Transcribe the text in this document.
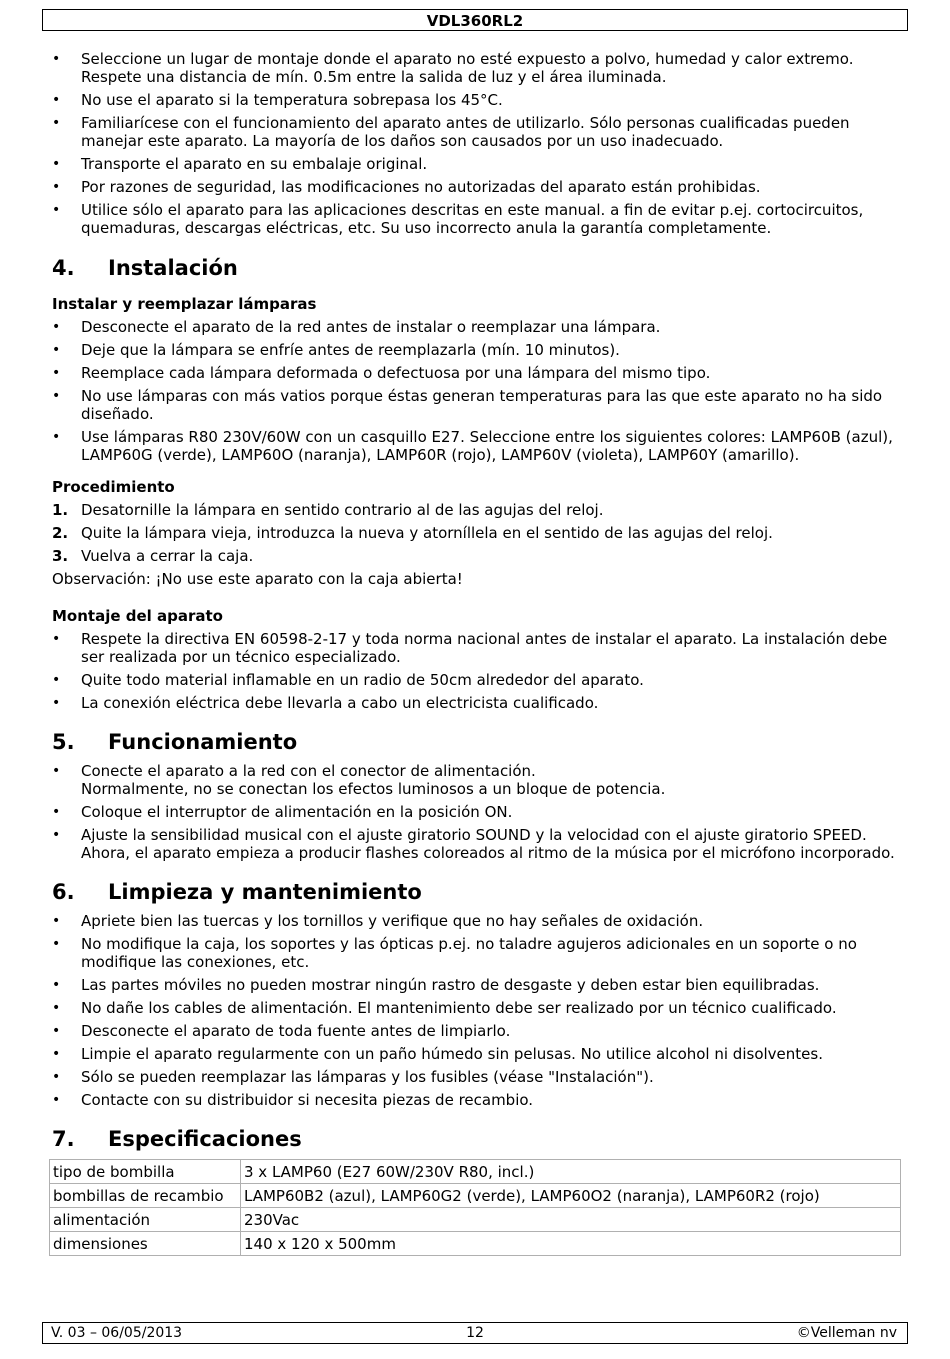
VDL360RL2
• Seleccione un lugar de montaje donde el aparato no esté expuesto a polvo, humedad y calor extremo. Respete una distancia de mín. 0.5m entre la salida de luz y el área iluminada.
• No use el aparato si la temperatura sobrepasa los 45°C.
• Familiarícese con el funcionamiento del aparato antes de utilizarlo. Sólo personas cualificadas pueden manejar este aparato. La mayoría de los daños son causados por un uso inadecuado.
• Transporte el aparato en su embalaje original.
• Por razones de seguridad, las modificaciones no autorizadas del aparato están prohibidas.
• Utilice sólo el aparato para las aplicaciones descritas en este manual. a fin de evitar p.ej. cortocircuitos, quemaduras, descargas eléctricas, etc. Su uso incorrecto anula la garantía completamente.
4. Instalación
Instalar y reemplazar lámparas
• Desconecte el aparato de la red antes de instalar o reemplazar una lámpara.
• Deje que la lámpara se enfríe antes de reemplazarla (mín. 10 minutos).
• Reemplace cada lámpara deformada o defectuosa por una lámpara del mismo tipo.
• No use lámparas con más vatios porque éstas generan temperaturas para las que este aparato no ha sido diseñado.
• Use lámparas R80 230V/60W con un casquillo E27. Seleccione entre los siguientes colores: LAMP60B (azul), LAMP60G (verde), LAMP60O (naranja), LAMP60R (rojo), LAMP60V (violeta), LAMP60Y (amarillo).
Procedimiento
1. Desatornille la lámpara en sentido contrario al de las agujas del reloj.
2. Quite la lámpara vieja, introduzca la nueva y atorníllela en el sentido de las agujas del reloj.
3. Vuelva a cerrar la caja.
Observación: ¡No use este aparato con la caja abierta!
Montaje del aparato
• Respete la directiva EN 60598-2-17 y toda norma nacional antes de instalar el aparato. La instalación debe ser realizada por un técnico especializado.
• Quite todo material inflamable en un radio de 50cm alrededor del aparato.
• La conexión eléctrica debe llevarla a cabo un electricista cualificado.
5. Funcionamiento
• Conecte el aparato a la red con el conector de alimentación.
Normalmente, no se conectan los efectos luminosos a un bloque de potencia.
• Coloque el interruptor de alimentación en la posición ON.
• Ajuste la sensibilidad musical con el ajuste giratorio SOUND y la velocidad con el ajuste giratorio SPEED.
Ahora, el aparato empieza a producir flashes coloreados al ritmo de la música por el micrófono incorporado.
6. Limpieza y mantenimiento
• Apriete bien las tuercas y los tornillos y verifique que no hay señales de oxidación.
• No modifique la caja, los soportes y las ópticas p.ej. no taladre agujeros adicionales en un soporte o no modifique las conexiones, etc.
• Las partes móviles no pueden mostrar ningún rastro de desgaste y deben estar bien equilibradas.
• No dañe los cables de alimentación. El mantenimiento debe ser realizado por un técnico cualificado.
• Desconecte el aparato de toda fuente antes de limpiarlo.
• Limpie el aparato regularmente con un paño húmedo sin pelusas. No utilice alcohol ni disolventes.
• Sólo se pueden reemplazar las lámparas y los fusibles (véase "Instalación").
• Contacte con su distribuidor si necesita piezas de recambio.
7. Especificaciones
tipo de bombilla	3 x LAMP60 (E27 60W/230V R80, incl.)
bombillas de recambio	LAMP60B2 (azul), LAMP60G2 (verde), LAMP60O2 (naranja), LAMP60R2 (rojo)
alimentación	230Vac
dimensiones	140 x 120 x 500mm
V. 03 – 06/05/2013	12	©Velleman nv
